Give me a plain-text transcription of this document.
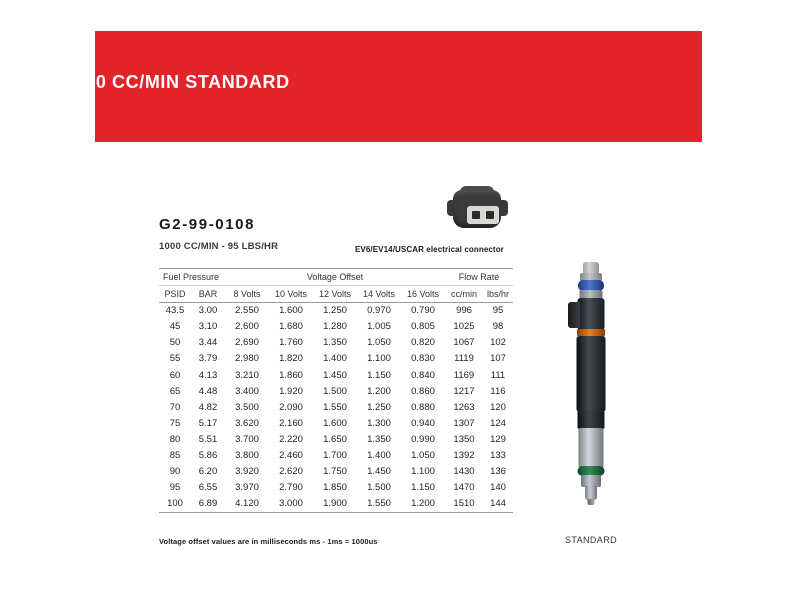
1000 CC/MIN STANDARD
G2-99-0108
1000 CC/MIN - 95 LBS/HR	EV6/EV14/USCAR electrical connector
Fuel Pressure		Voltage Offset					Flow Rate	
PSID	BAR	8 Volts	10 Volts	12 Volts	14 Volts	16 Volts	cc/min	lbs/hr
43.5	3.00	2.550	1.600	1.250	0.970	0.790	996	95
45	3.10	2.600	1.680	1.280	1.005	0.805	1025	98
50	3.44	2.690	1.760	1.350	1.050	0.820	1067	102
55	3.79	2.980	1.820	1.400	1.100	0.830	1119	107
60	4.13	3.210	1.860	1.450	1.150	0.840	1169	111
65	4.48	3.400	1.920	1.500	1.200	0.860	1217	116
70	4.82	3.500	2.090	1.550	1.250	0.880	1263	120
75	5.17	3.620	2.160	1.600	1.300	0.940	1307	124
80	5.51	3.700	2.220	1.650	1.350	0.990	1350	129
85	5.86	3.800	2.460	1.700	1.400	1.050	1392	133
90	6.20	3.920	2.620	1.750	1.450	1.100	1430	136
95	6.55	3.970	2.790	1.850	1.500	1.150	1470	140
100	6.89	4.120	3.000	1.900	1.550	1.200	1510	144
Voltage offset values are in milliseconds ms - 1ms = 1000us	STANDARD
